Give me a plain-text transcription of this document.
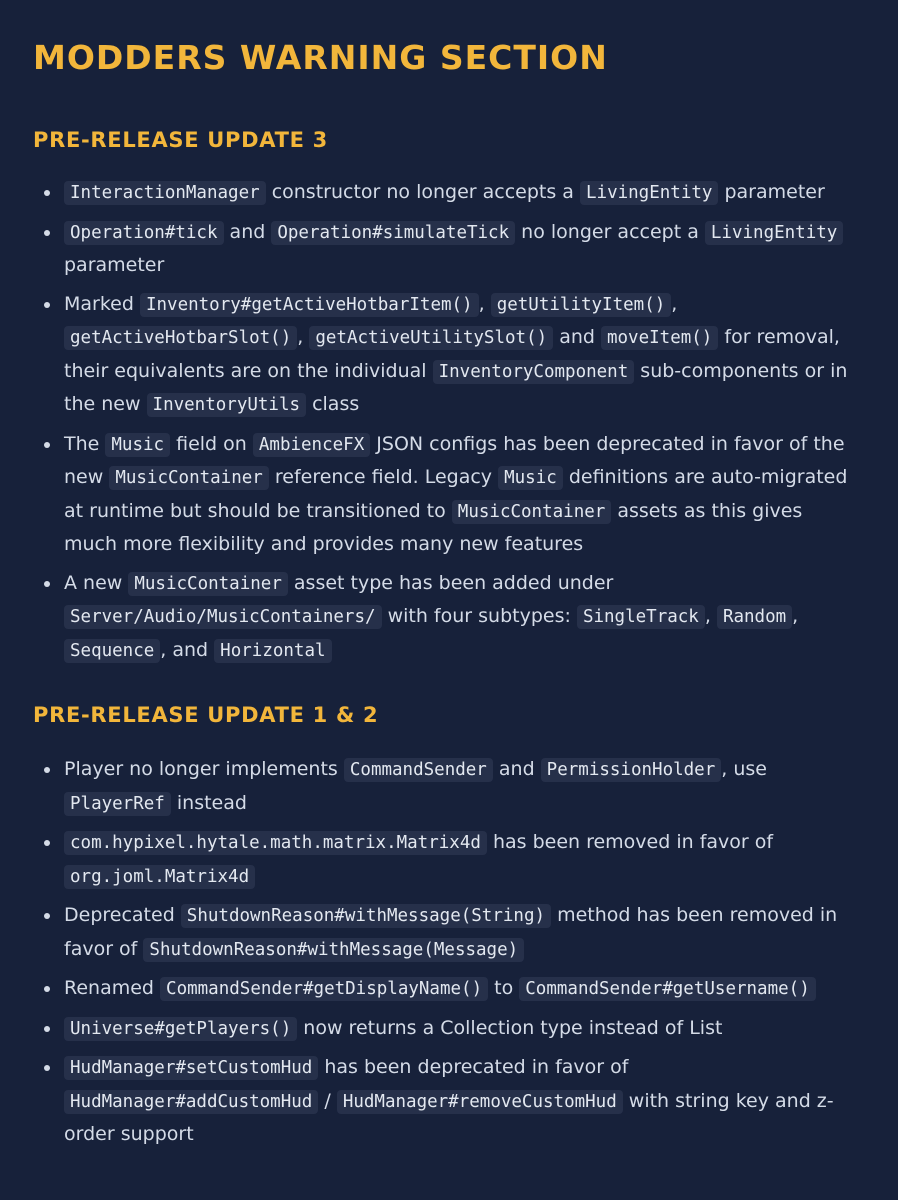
MODDERS WARNING SECTION
PRE-RELEASE UPDATE 3
InteractionManager constructor no longer accepts a LivingEntity parameter
Operation#tick and Operation#simulateTick no longer accept a LivingEntity parameter
Marked Inventory#getActiveHotbarItem() , getUtilityItem() , getActiveHotbarSlot() , getActiveUtilitySlot() and moveItem() for removal, their equivalents are on the individual InventoryComponent sub-components or in the new InventoryUtils class
The Music field on AmbienceFX JSON configs has been deprecated in favor of the new MusicContainer reference field. Legacy Music definitions are auto-migrated at runtime but should be transitioned to MusicContainer assets as this gives much more flexibility and provides many new features
A new MusicContainer asset type has been added under Server/Audio/MusicContainers/ with four subtypes: SingleTrack , Random , Sequence , and Horizontal
PRE-RELEASE UPDATE 1 & 2
Player no longer implements CommandSender and PermissionHolder , use PlayerRef instead
com.hypixel.hytale.math.matrix.Matrix4d has been removed in favor of org.joml.Matrix4d
Deprecated ShutdownReason#withMessage(String) method has been removed in favor of ShutdownReason#withMessage(Message)
Renamed CommandSender#getDisplayName() to CommandSender#getUsername()
Universe#getPlayers() now returns a Collection type instead of List
HudManager#setCustomHud has been deprecated in favor of HudManager#addCustomHud / HudManager#removeCustomHud with string key and z-order support
